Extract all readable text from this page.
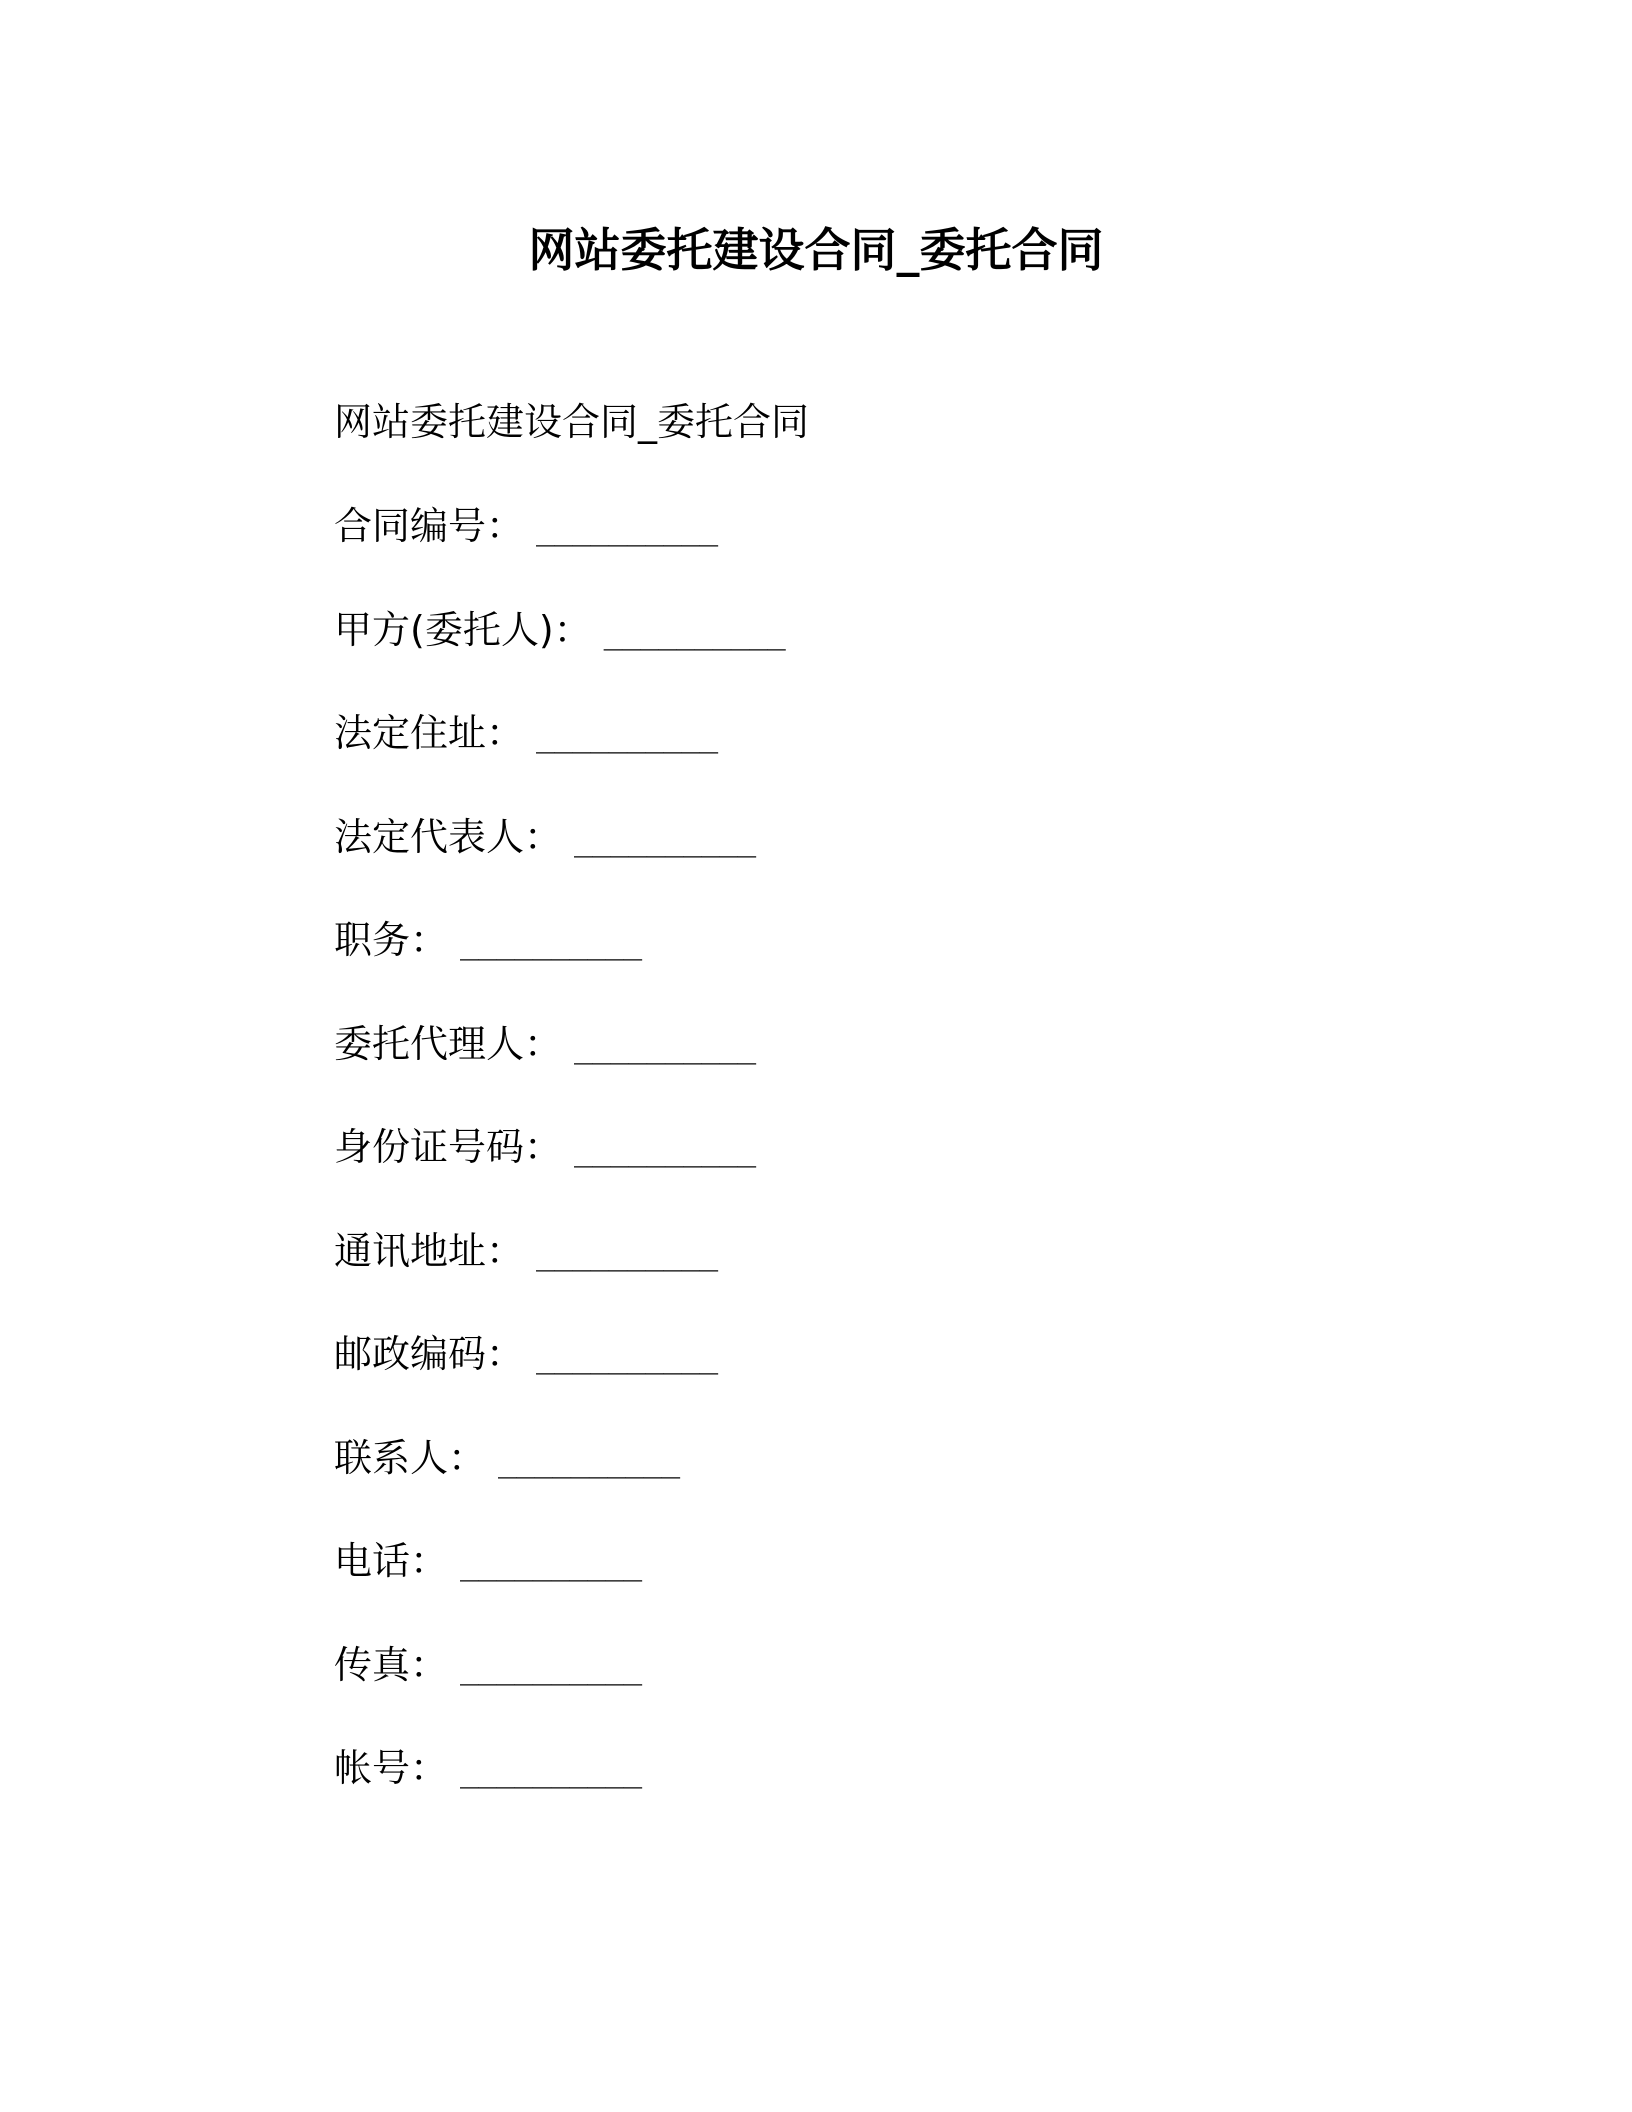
网站委托建设合同_委托合同
网站委托建设合同_委托合同
合同编号： __________
甲方(委托人)： __________
法定住址： __________
法定代表人： __________
职务： __________
委托代理人： __________
身份证号码： __________
通讯地址： __________
邮政编码： __________
联系人： __________
电话： __________
传真： __________
帐号： __________
